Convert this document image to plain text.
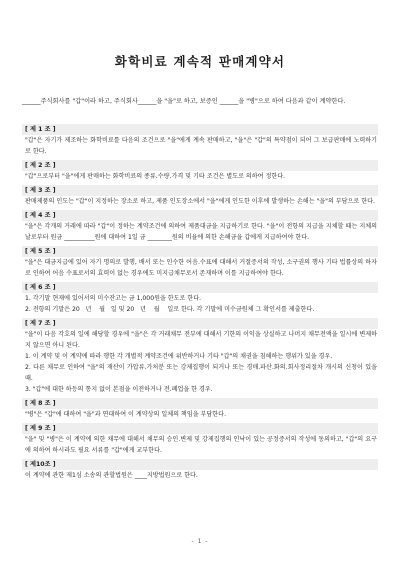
화학비료 계속적 판매계약서
______주식회사를 "갑"이라 하고, 주식회사______을 "을"로 하고, 보증인 ______을 "병"으로 하여 다음과 같이 계약한다.
[ 제 1 조 ]
"갑"은 자기가 제조하는 화학비료를 다음의 조건으로 "을"에게 계속 판매하고, "을"은 "갑"의 특약점이 되어 그 보급판매에 노력하기로 한다.
[ 제 2 조 ]
"갑"으로부터 "을"에게 판매하는 화학비료의 종류.수량.가격 및 기타 조건은 별도로 의하여 정한다.
[ 제 3 조 ]
판매제품의 인도는 "갑"이 지정하는 장소로 하고, 제품 인도장소에서 "을"에게 인도한 이후에 발생하는 손해는 "을"의 부담으로 한다.
[ 제 4 조 ]
"을"은 각개의 거래에 따라 "갑"이 정하는 계약조건에 의하여 제품대금을 지급하기로 한다. "을"이 전항의 지급을 지체할 때는 지체의 날로부터 원금 __________원에 대하여 1일 금 ________원의 비율에 의한 손해금을 갑에게 지급하여야 한다.
[ 제 5 조 ]
"을"은 대금지급에 있어 자기 명의로 발행, 배서 또는 인수한 어음.수표에 대해서 거절증서의 작성, 소구권의 행사 기타 법률상의 하자로 인하여 어음 수표로서의 효력이 없는 경우에도 미지급채무로서 존재하며 이를 지급하여야 한다.
[ 제 6 조 ]
1. 각기말 현재에 있어서의 미수잔고는 금 1,000원을 한도로 한다.
2. 전항의 기말은 20   년    월   일 및 20   년    월    일로 한다. 각 기말에 미수금원체 그 확인서를 제출한다.
[ 제 7 조 ]
"을"이 다음 각호의 일에 해당할 경우에 "을"은 각 거래채무 전부에 대해서 기한의 이익을 상실하고 나머지 채무전액을 일시에 변제하지 않으면 아니 된다.
1. 이 계약 및 이 계약에 따라 행한 각 개별적 계약조건에 위반하거나 기타 "갑"의 채권을 침해하는 행위가 있을 경우.
2. 다른 채무로 인하여 "을"의 재산이 가압류.가처분 또는 강제집행이 되거나 또는 경매.파산.화의.회사정리절차 개시의 신청이 있을 때.
3. "갑"에 대한 하등의 통지 없이 본점을 이전하거나 전.폐업을 한 경우.
[ 제 8 조 ]
"병"은 "갑"에 대하여 "을"과 연대하여 이 계약상의 일체의 책임을 부담한다.
[ 제 9 조 ]
"을" 및 "병"은 이 계약에 의한 채무에 대해서 채무의 승인.변제 및 강제집행의 인낙이 있는 공정증서의 작성에 동의하고, "갑"의 요구에 의하여 하시라도 필요 서류를 "갑"에게 교부한다.
[ 제10조 ]
이 계약에 관한 제1심 소송의 관할법원은 ____지방법원으로 한다.
- 1 -
